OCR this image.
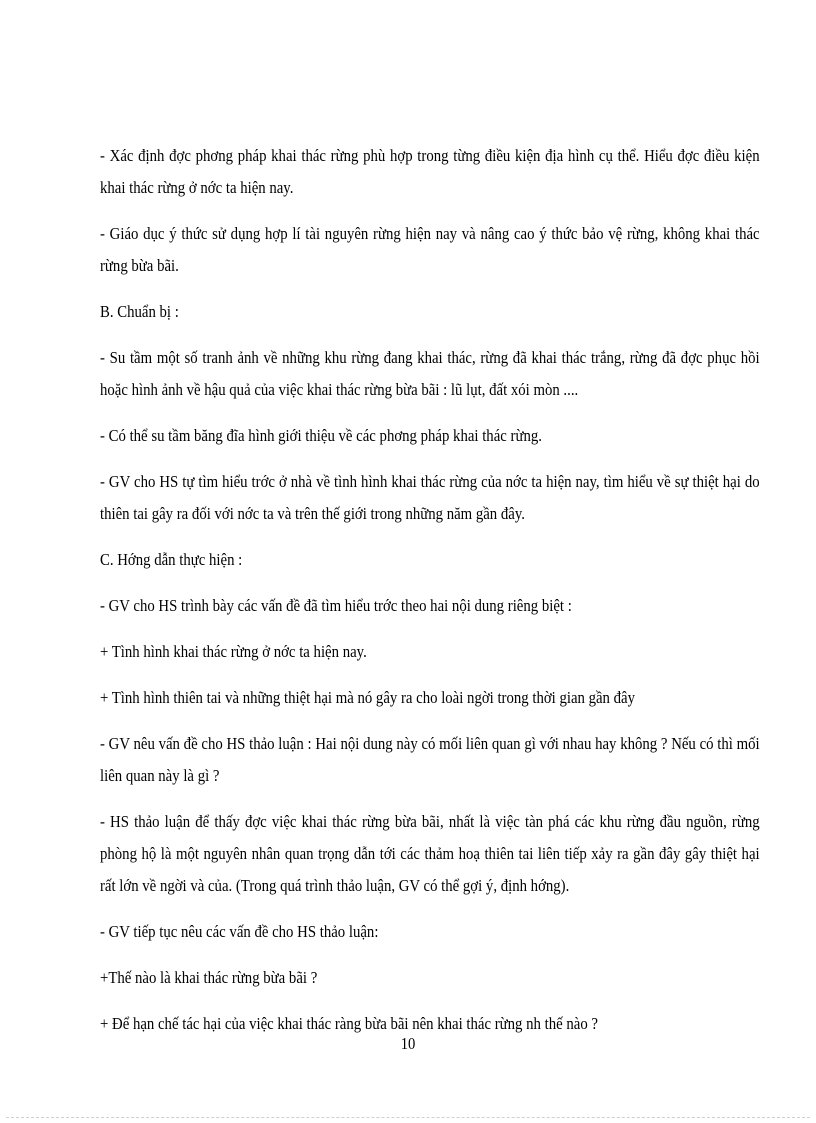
- Xác định đợc phơng pháp khai thác rừng phù hợp trong từng điều kiện địa hình cụ thể. Hiểu đợc điều kiện khai thác rừng ở nớc ta hiện nay.

- Giáo dục ý thức sử dụng hợp lí tài nguyên rừng hiện nay và nâng cao ý thức bảo vệ rừng, không khai thác rừng bừa bãi.

B. Chuẩn bị :

- Su tầm một số tranh ảnh về những khu rừng đang khai thác, rừng đã khai thác trắng, rừng đã đợc phục hồi hoặc hình ảnh về hậu quả của việc khai thác rừng bừa bãi : lũ lụt, đất xói mòn ....

- Có thể su tầm băng đĩa hình giới thiệu về các phơng pháp khai thác rừng.

- GV cho HS tự tìm hiểu trớc ở nhà về tình hình khai thác rừng của nớc ta hiện nay, tìm hiểu về sự thiệt hại do thiên tai gây ra đối với nớc ta và trên thế giới trong những năm gần đây.

C. Hớng dẫn thực hiện :

- GV cho HS trình bày các vấn đề đã tìm hiểu trớc theo hai nội dung riêng biệt :

+ Tình hình khai thác rừng ở nớc ta hiện nay.

+ Tình hình thiên tai và những thiệt hại mà nó gây ra cho loài ngời trong thời gian gần đây

- GV nêu vấn đề cho HS thảo luận : Hai nội dung này có mối liên quan gì với nhau hay không ? Nếu có thì mối liên quan này là gì ?

- HS thảo luận để thấy đợc việc khai thác rừng bừa bãi, nhất là việc tàn phá các khu rừng đầu nguồn, rừng phòng hộ là một nguyên nhân quan trọng dẫn tới các thảm hoạ thiên tai liên tiếp xảy ra gần đây gây thiệt hại rất lớn về ngời và của. (Trong quá trình thảo luận, GV có thể gợi ý, định hớng).

- GV tiếp tục nêu các vấn đề cho HS thảo luận:

+Thế nào là khai thác rừng bừa bãi ?

+ Để hạn chế tác hại của việc khai thác ràng bừa bãi nên khai thác rừng nh thế nào ?

10
